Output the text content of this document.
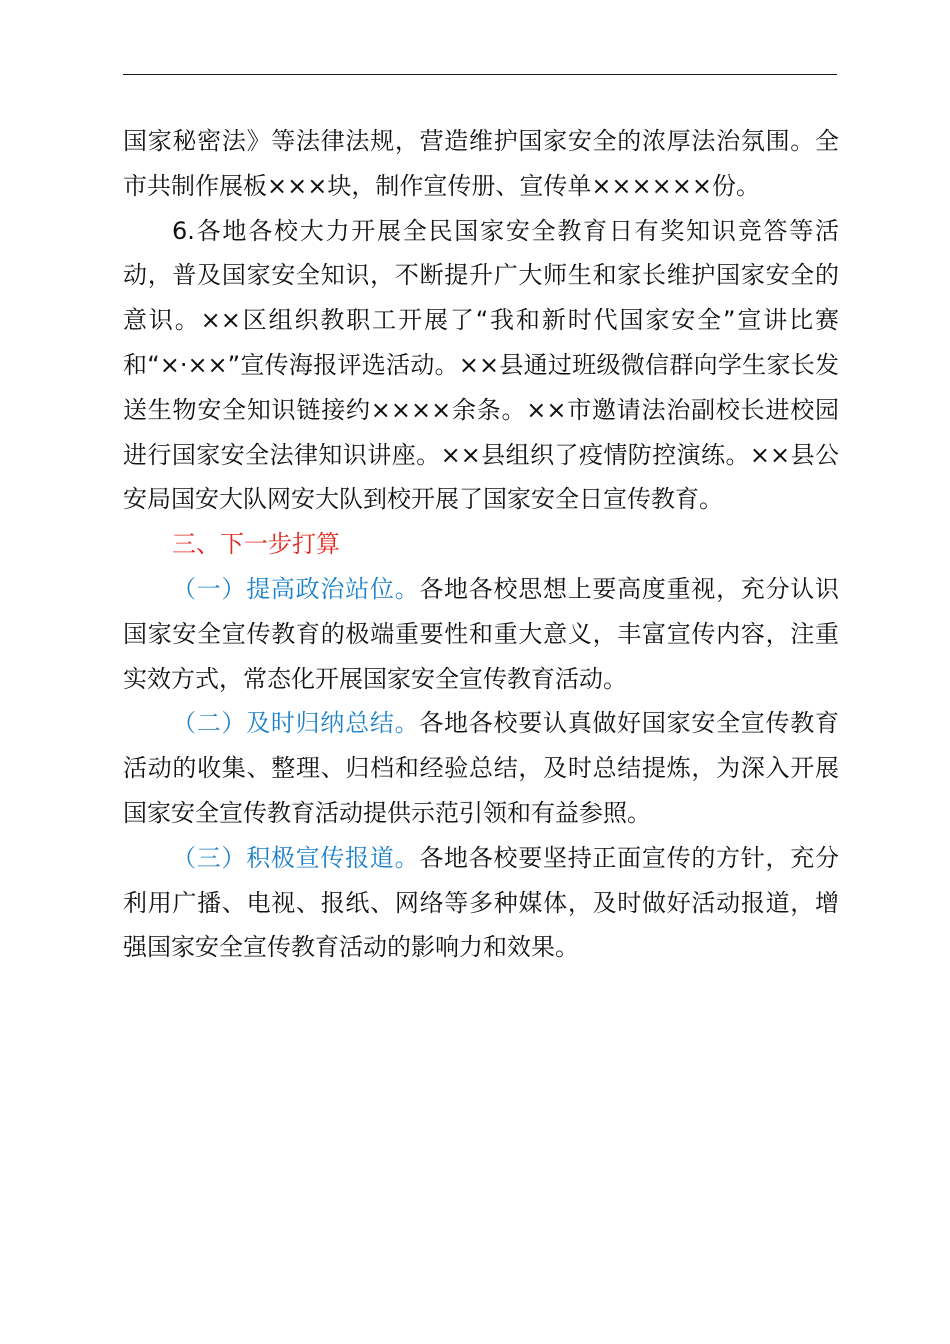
国家秘密法》等法律法规，营造维护国家安全的浓厚法治氛围。全市共制作展板×××块，制作宣传册、宣传单××××××份。

6.各地各校大力开展全民国家安全教育日有奖知识竞答等活动，普及国家安全知识，不断提升广大师生和家长维护国家安全的意识。××区组织教职工开展了“我和新时代国家安全”宣讲比赛和“×·××”宣传海报评选活动。××县通过班级微信群向学生家长发送生物安全知识链接约××××余条。××市邀请法治副校长进校园进行国家安全法律知识讲座。××县组织了疫情防控演练。××县公安局国安大队网安大队到校开展了国家安全日宣传教育。

三、下一步打算

（一）提高政治站位。各地各校思想上要高度重视，充分认识国家安全宣传教育的极端重要性和重大意义，丰富宣传内容，注重实效方式，常态化开展国家安全宣传教育活动。

（二）及时归纳总结。各地各校要认真做好国家安全宣传教育活动的收集、整理、归档和经验总结，及时总结提炼，为深入开展国家安全宣传教育活动提供示范引领和有益参照。

（三）积极宣传报道。各地各校要坚持正面宣传的方针，充分利用广播、电视、报纸、网络等多种媒体，及时做好活动报道，增强国家安全宣传教育活动的影响力和效果。
